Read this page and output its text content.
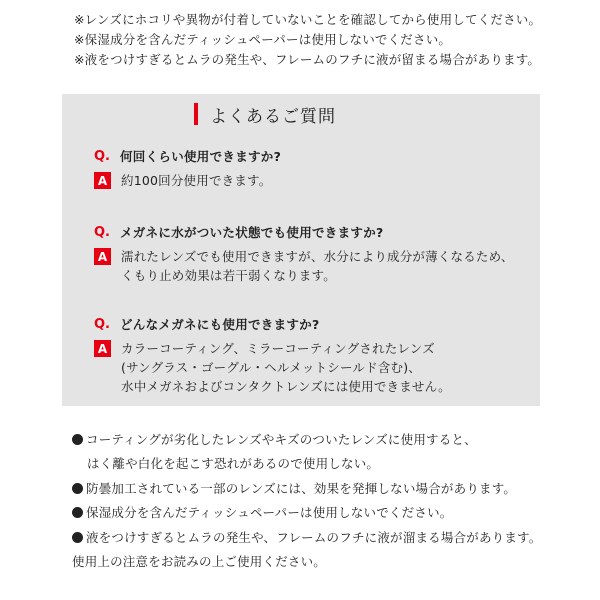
※レンズにホコリや異物が付着していないことを確認してから使用してください。
※保湿成分を含んだティッシュペーパーは使用しないでください。
※液をつけすぎるとムラの発生や、フレームのフチに液が留まる場合があります。
よくあるご質問
Q. 何回くらい使用できますか?
A	約100回分使用できます。
Q. メガネに水がついた状態でも使用できますか?
A	濡れたレンズでも使用できますが、水分により成分が薄くなるため、
くもり止め効果は若干弱くなります。
Q. どんなメガネにも使用できますか?
A	カラーコーティング、ミラーコーティングされたレンズ
(サングラス・ゴーグル・ヘルメットシールド含む)、
水中メガネおよびコンタクトレンズには使用できません。
コーティングが劣化したレンズやキズのついたレンズに使用すると、
はく離や白化を起こす恐れがあるので使用しない。
防曇加工されている一部のレンズには、効果を発揮しない場合があります。
保湿成分を含んだティッシュペーパーは使用しないでください。
液をつけすぎるとムラの発生や、フレームのフチに液が溜まる場合があります。
使用上の注意をお読みの上ご使用ください。
